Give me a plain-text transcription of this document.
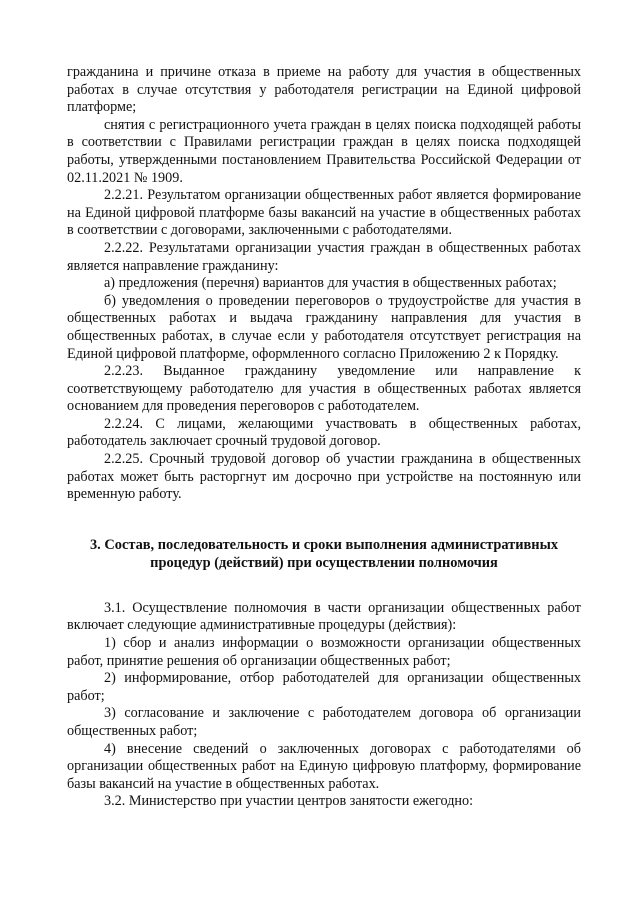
гражданина и причине отказа в приеме на работу для участия в общественных работах в случае отсутствия у работодателя регистрации на Единой цифровой платформе;

снятия с регистрационного учета граждан в целях поиска подходящей работы в соответствии с Правилами регистрации граждан в целях поиска подходящей работы, утвержденными постановлением Правительства Российской Федерации от 02.11.2021 № 1909.

2.2.21. Результатом организации общественных работ является формирование на Единой цифровой платформе базы вакансий на участие в общественных работах в соответствии с договорами, заключенными с работодателями.

2.2.22. Результатами организации участия граждан в общественных работах является направление гражданину:

а) предложения (перечня) вариантов для участия в общественных работах;

б) уведомления о проведении переговоров о трудоустройстве для участия в общественных работах и выдача гражданину направления для участия в общественных работах, в случае если у работодателя отсутствует регистрация на Единой цифровой платформе, оформленного согласно Приложению 2 к Порядку.

2.2.23. Выданное гражданину уведомление или направление к соответствующему работодателю для участия в общественных работах является основанием для проведения переговоров с работодателем.

2.2.24. С лицами, желающими участвовать в общественных работах, работодатель заключает срочный трудовой договор.

2.2.25. Срочный трудовой договор об участии гражданина в общественных работах может быть расторгнут им досрочно при устройстве на постоянную или временную работу.

3. Состав, последовательность и сроки выполнения административных
процедур (действий) при осуществлении полномочия

3.1. Осуществление полномочия в части организации общественных работ включает следующие административные процедуры (действия):

1) сбор и анализ информации о возможности организации общественных работ, принятие решения об организации общественных работ;

2) информирование, отбор работодателей для организации общественных работ;

3) согласование и заключение с работодателем договора об организации общественных работ;

4) внесение сведений о заключенных договорах с работодателями об организации общественных работ на Единую цифровую платформу, формирование базы вакансий на участие в общественных работах.

3.2. Министерство при участии центров занятости ежегодно:
